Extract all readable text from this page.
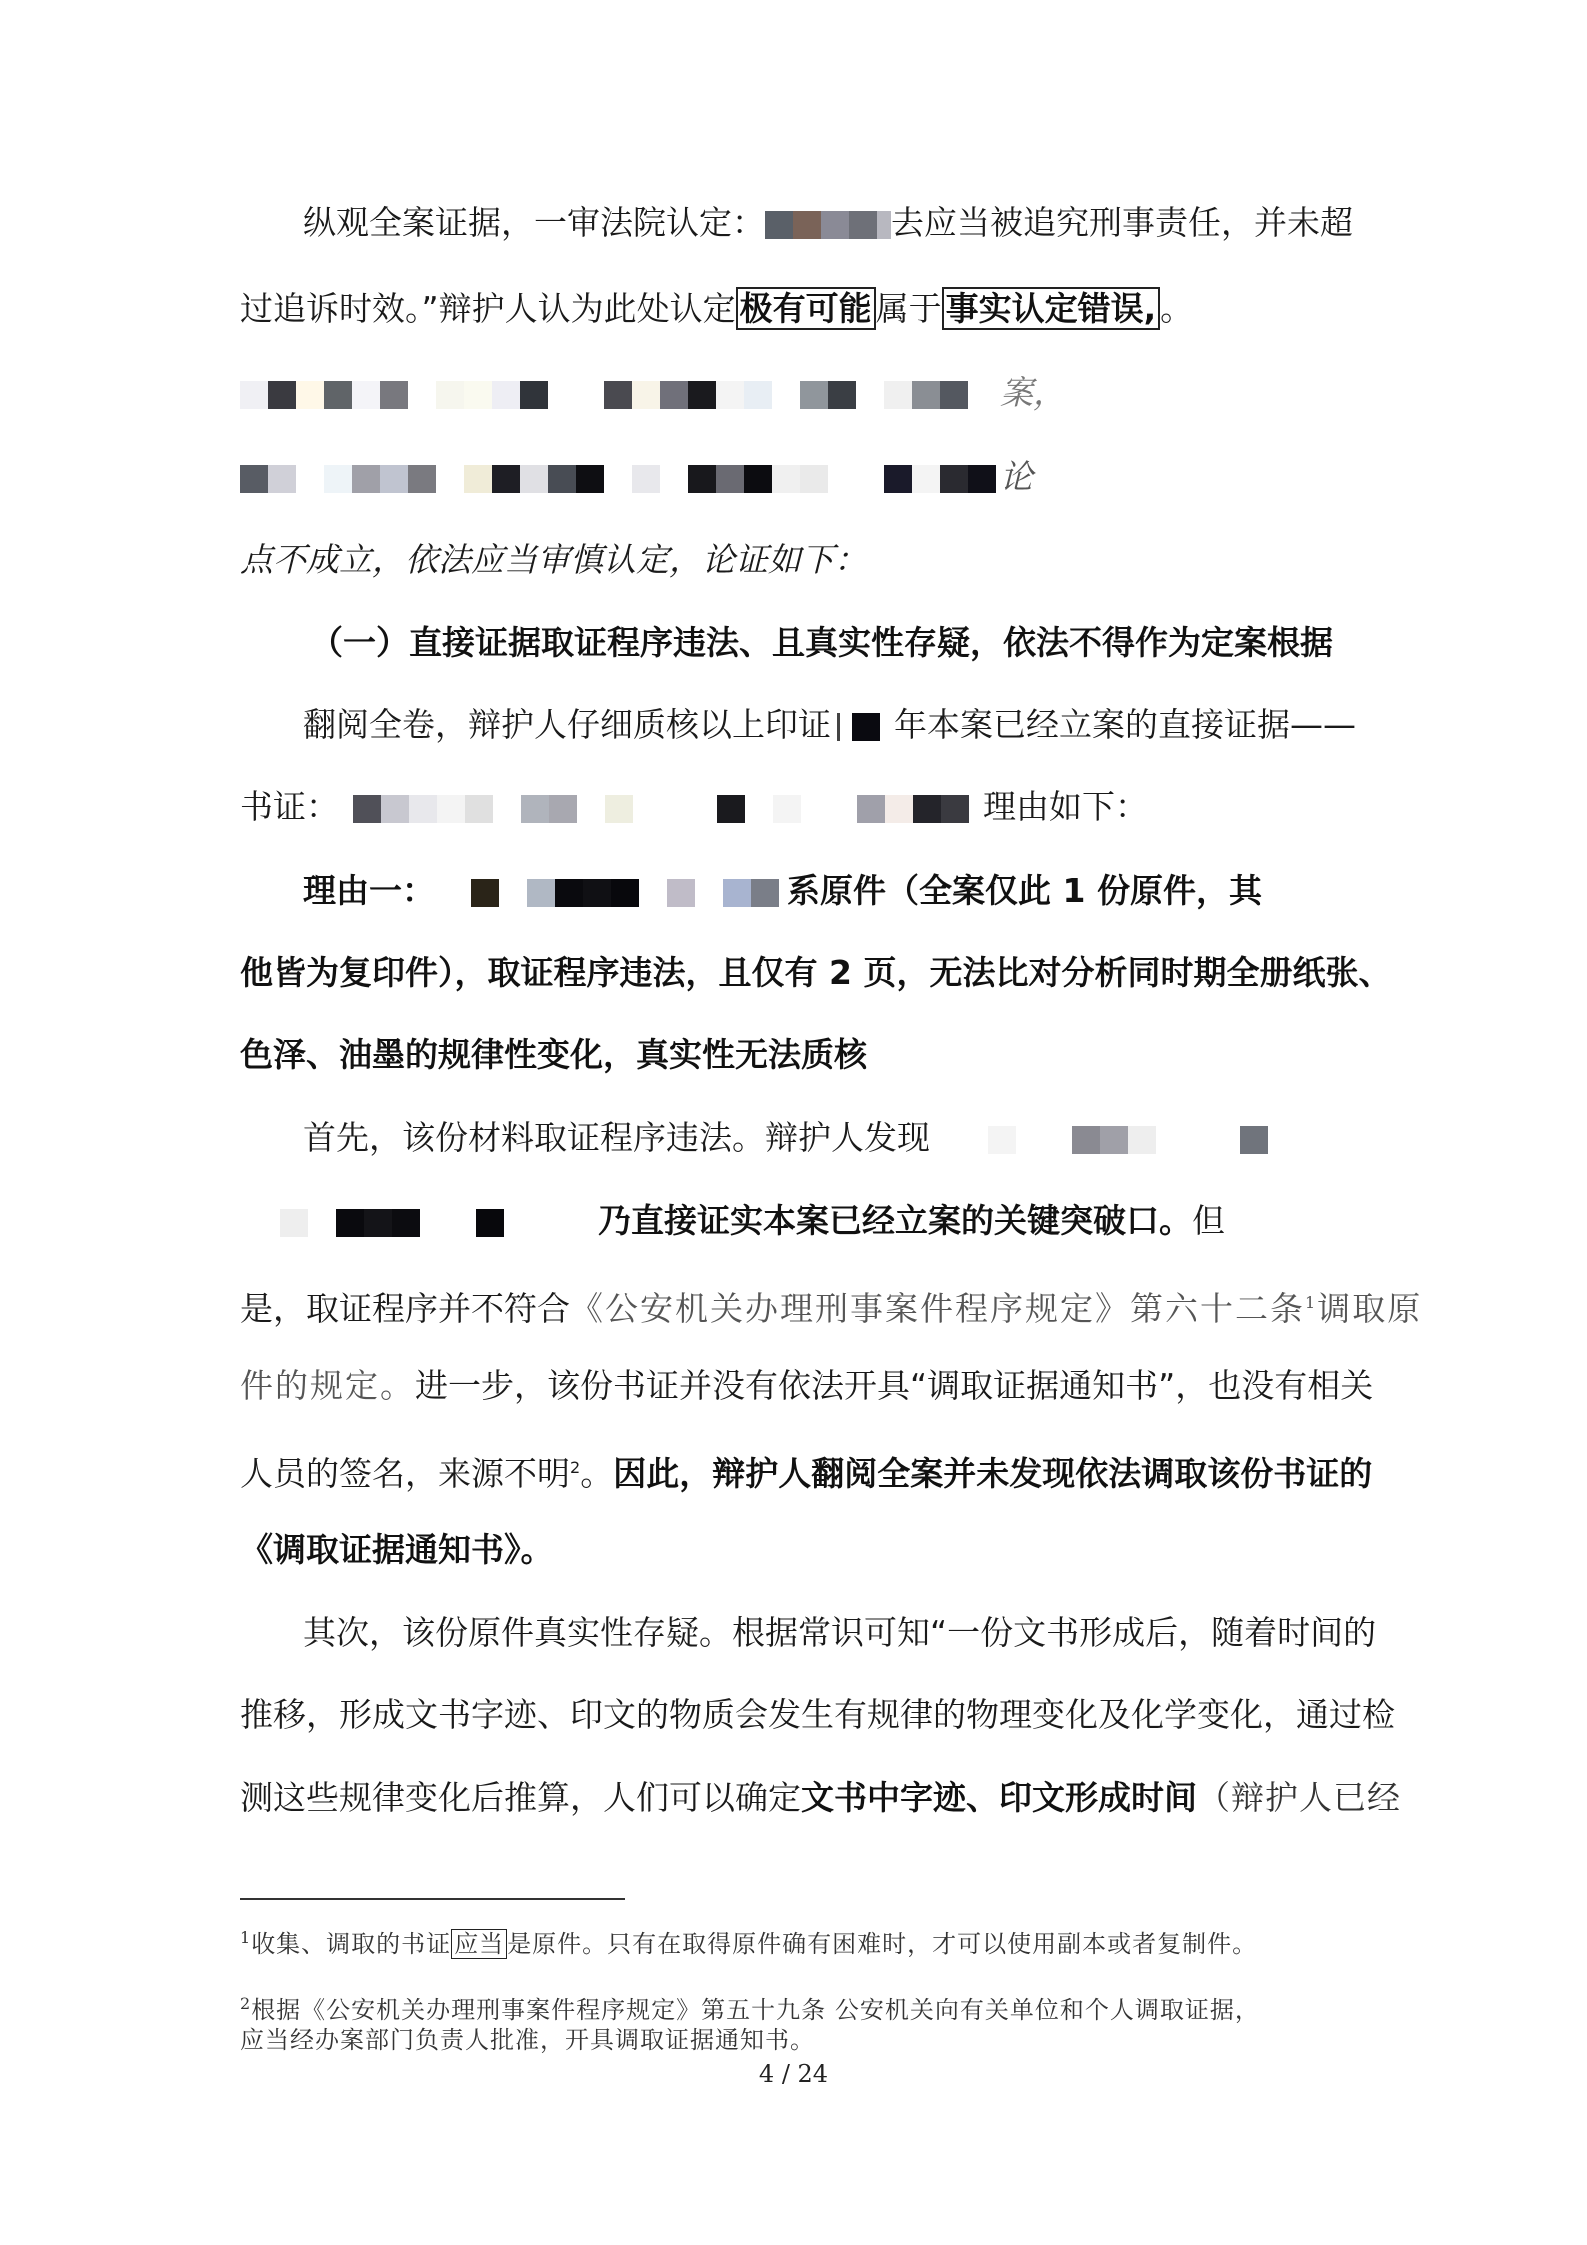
纵观全案证据，一审法院认定：	去应当被追究刑事责任，并未超
过追诉时效。”辩护人认为此处认定 极有可能 属于 事实认定错误, 。
案，
论
点不成立，依法应当审慎认定，论证如下：
（一）直接证据取证程序违法、且真实性存疑，依法不得作为定案根据
翻阅全卷，辩护人仔细质核以上印证 年本案已经立案的直接证据——
书证：	理由如下：
理由一：	系原件（全案仅此 1 份原件，其
他皆为复印件），取证程序违法，且仅有 2 页，无法比对分析同时期全册纸张、
色泽、油墨的规律性变化，真实性无法质核
首先，该份材料取证程序违法。辩护人发现
乃直接证实本案已经立案的关键突破口。但
是，取证程序并不符合《公安机关办理刑事案件程序规定》第六十二条$^1$调取原
件的规定。进一步，该份书证并没有依法开具“调取证据通知书”，也没有相关
人员的签名，来源不明$^2$。因此，辩护人翻阅全案并未发现依法调取该份书证的
《调取证据通知书》。
其次，该份原件真实性存疑。根据常识可知“一份文书形成后，随着时间的
推移，形成文书字迹、印文的物质会发生有规律的物理变化及化学变化，通过检
测这些规律变化后推算，人们可以确定文书中字迹、印文形成时间（辩护人已经
$^1$收集、调取的书证 应当 是原件。只有在取得原件确有困难时，才可以使用副本或者复制件。
$^2$根据《公安机关办理刑事案件程序规定》第五十九条 公安机关向有关单位和个人调取证据，
应当经办案部门负责人批准，开具调取证据通知书。
4 / 24
